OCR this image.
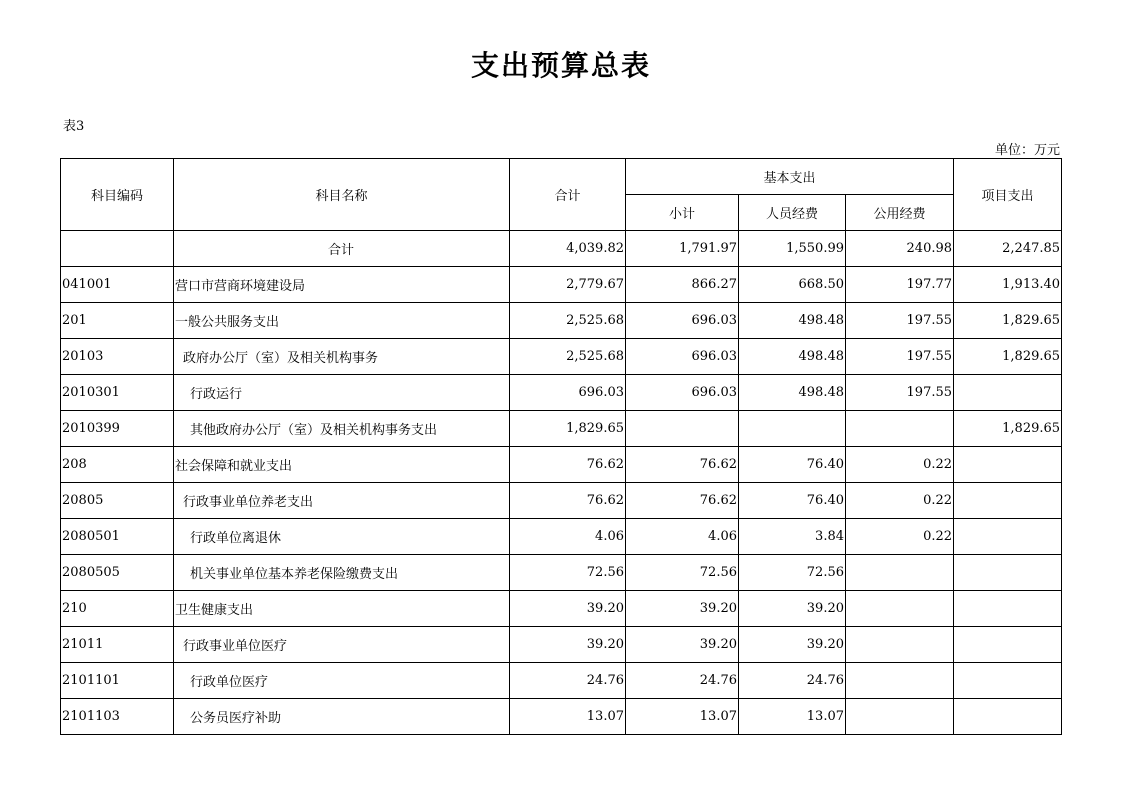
支出预算总表
表3
单位：万元
科目编码	科目名称	合计	基本支出			项目支出
			小计	人员经费	公用经费	
	合计	4,039.82	1,791.97	1,550.99	240.98	2,247.85
041001	营口市营商环境建设局	2,779.67	866.27	668.50	197.77	1,913.40
201	一般公共服务支出	2,525.68	696.03	498.48	197.55	1,829.65
20103	政府办公厅（室）及相关机构事务	2,525.68	696.03	498.48	197.55	1,829.65
2010301	行政运行	696.03	696.03	498.48	197.55	
2010399	其他政府办公厅（室）及相关机构事务支出	1,829.65				1,829.65
208	社会保障和就业支出	76.62	76.62	76.40	0.22	
20805	行政事业单位养老支出	76.62	76.62	76.40	0.22	
2080501	行政单位离退休	4.06	4.06	3.84	0.22	
2080505	机关事业单位基本养老保险缴费支出	72.56	72.56	72.56		
210	卫生健康支出	39.20	39.20	39.20		
21011	行政事业单位医疗	39.20	39.20	39.20		
2101101	行政单位医疗	24.76	24.76	24.76		
2101103	公务员医疗补助	13.07	13.07	13.07		
